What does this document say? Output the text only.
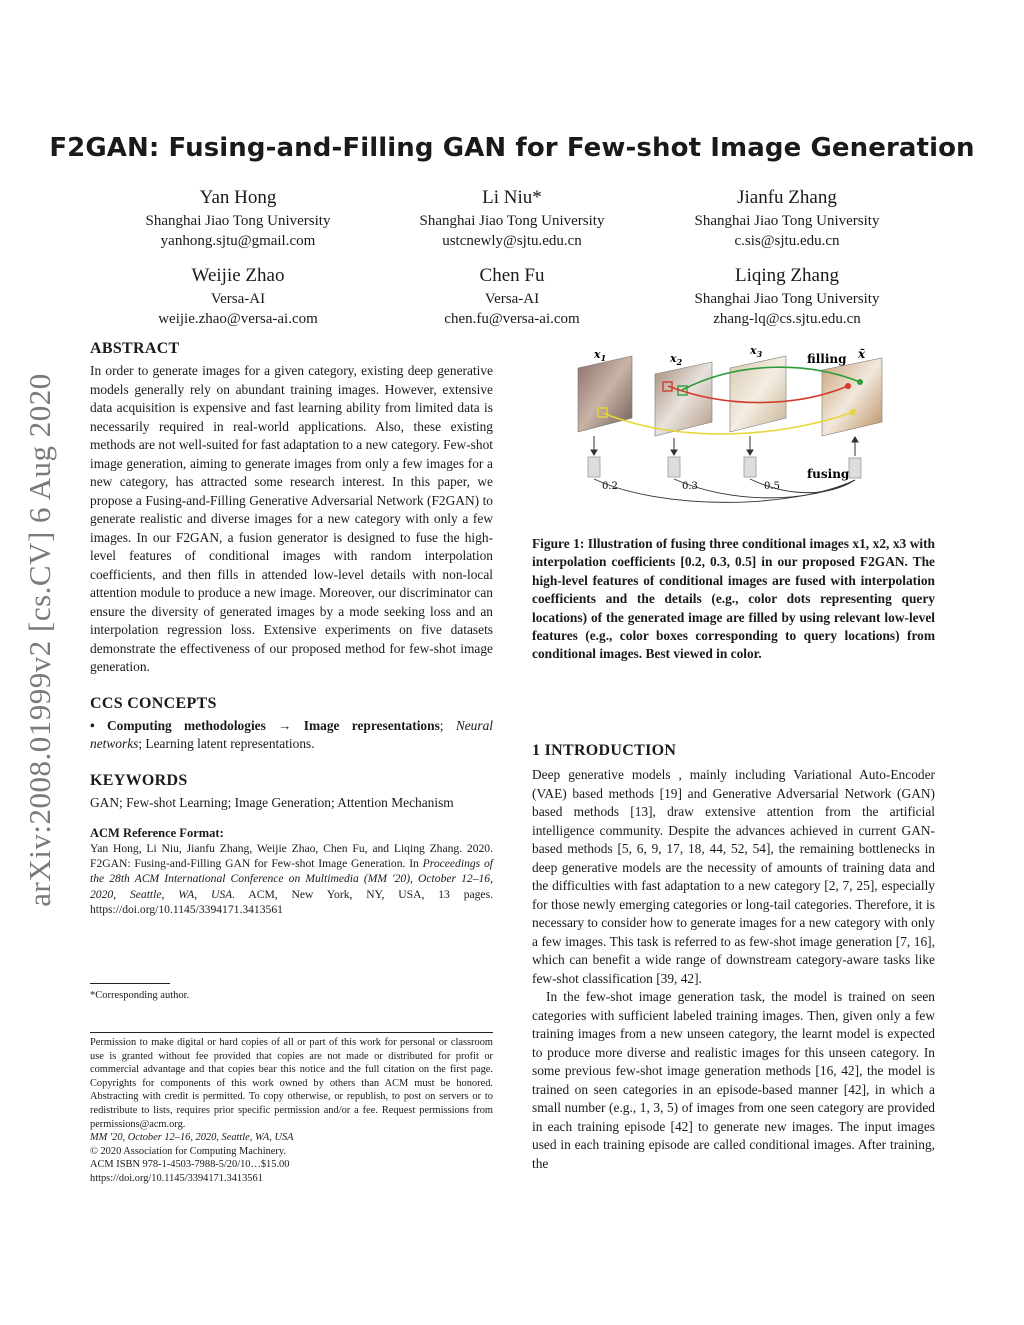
arXiv:2008.01999v2 [cs.CV] 6 Aug 2020
F2GAN: Fusing-and-Filling GAN for Few-shot Image Generation
Yan Hong
Shanghai Jiao Tong University
yanhong.sjtu@gmail.com
Li Niu*
Shanghai Jiao Tong University
ustcnewly@sjtu.edu.cn
Jianfu Zhang
Shanghai Jiao Tong University
c.sis@sjtu.edu.cn
Weijie Zhao
Versa-AI
weijie.zhao@versa-ai.com
Chen Fu
Versa-AI
chen.fu@versa-ai.com
Liqing Zhang
Shanghai Jiao Tong University
zhang-lq@cs.sjtu.edu.cn
ABSTRACT

In order to generate images for a given category, existing deep generative models generally rely on abundant training images. However, extensive data acquisition is expensive and fast learning ability from limited data is necessarily required in real-world applications. Also, these existing methods are not well-suited for fast adaptation to a new category. Few-shot image generation, aiming to generate images from only a few images for a new category, has attracted some research interest. In this paper, we propose a Fusing-and-Filling Generative Adversarial Network (F2GAN) to generate realistic and diverse images for a new category with only a few images. In our F2GAN, a fusion generator is designed to fuse the high-level features of conditional images with random interpolation coefficients, and then fills in attended low-level details with non-local attention module to produce a new image. Moreover, our discriminator can ensure the diversity of generated images by a mode seeking loss and an interpolation regression loss. Extensive experiments on five datasets demonstrate the effectiveness of our proposed method for few-shot image generation.

CCS CONCEPTS

• Computing methodologies → Image representations; Neural networks; Learning latent representations.

KEYWORDS

GAN; Few-shot Learning; Image Generation; Attention Mechanism

ACM Reference Format:

Yan Hong, Li Niu, Jianfu Zhang, Weijie Zhao, Chen Fu, and Liqing Zhang. 2020. F2GAN: Fusing-and-Filling GAN for Few-shot Image Generation. In Proceedings of the 28th ACM International Conference on Multimedia (MM '20), October 12–16, 2020, Seattle, WA, USA. ACM, New York, NY, USA, 13 pages. https://doi.org/10.1145/3394171.3413561

*Corresponding author.

Permission to make digital or hard copies of all or part of this work for personal or classroom use is granted without fee provided that copies are not made or distributed for profit or commercial advantage and that copies bear this notice and the full citation on the first page. Copyrights for components of this work owned by others than ACM must be honored. Abstracting with credit is permitted. To copy otherwise, or republish, to post on servers or to redistribute to lists, requires prior specific permission and/or a fee. Request permissions from permissions@acm.org.

MM '20, October 12–16, 2020, Seattle, WA, USA

© 2020 Association for Computing Machinery.

ACM ISBN 978-1-4503-7988-5/20/10…$15.00

https://doi.org/10.1145/3394171.3413561

$x_1$	$x_2$
$x_3$	x̄
filling
fusing
0.2	0.3	0.5
Figure 1: Illustration of fusing three conditional images x1, x2, x3 with interpolation coefficients [0.2, 0.3, 0.5] in our proposed F2GAN. The high-level features of conditional images are fused with interpolation coefficients and the details (e.g., color dots representing query locations) of the generated image are filled by using relevant low-level features (e.g., color boxes corresponding to query locations) from conditional images. Best viewed in color.
1 INTRODUCTION

Deep generative models , mainly including Variational Auto-Encoder (VAE) based methods [19] and Generative Adversarial Network (GAN) based methods [13], draw extensive attention from the artificial intelligence community. Despite the advances achieved in current GAN-based methods [5, 6, 9, 17, 18, 44, 52, 54], the remaining bottlenecks in deep generative models are the necessity of amounts of training data and the difficulties with fast adaptation to a new category [2, 7, 25], especially for those newly emerging categories or long-tail categories. Therefore, it is necessary to consider how to generate images for a new category with only a few images. This task is referred to as few-shot image generation [7, 16], which can benefit a wide range of downstream category-aware tasks like few-shot classification [39, 42].

In the few-shot image generation task, the model is trained on seen categories with sufficient labeled training images. Then, given only a few training images from a new unseen category, the learnt model is expected to produce more diverse and realistic images for this unseen category. In some previous few-shot image generation methods [16, 42], the model is trained on seen categories in an episode-based manner [42], in which a small number (e.g., 1, 3, 5) of images from one seen category are provided in each training episode [42] to generate new images. The input images used in each training episode are called conditional images. After training, the
